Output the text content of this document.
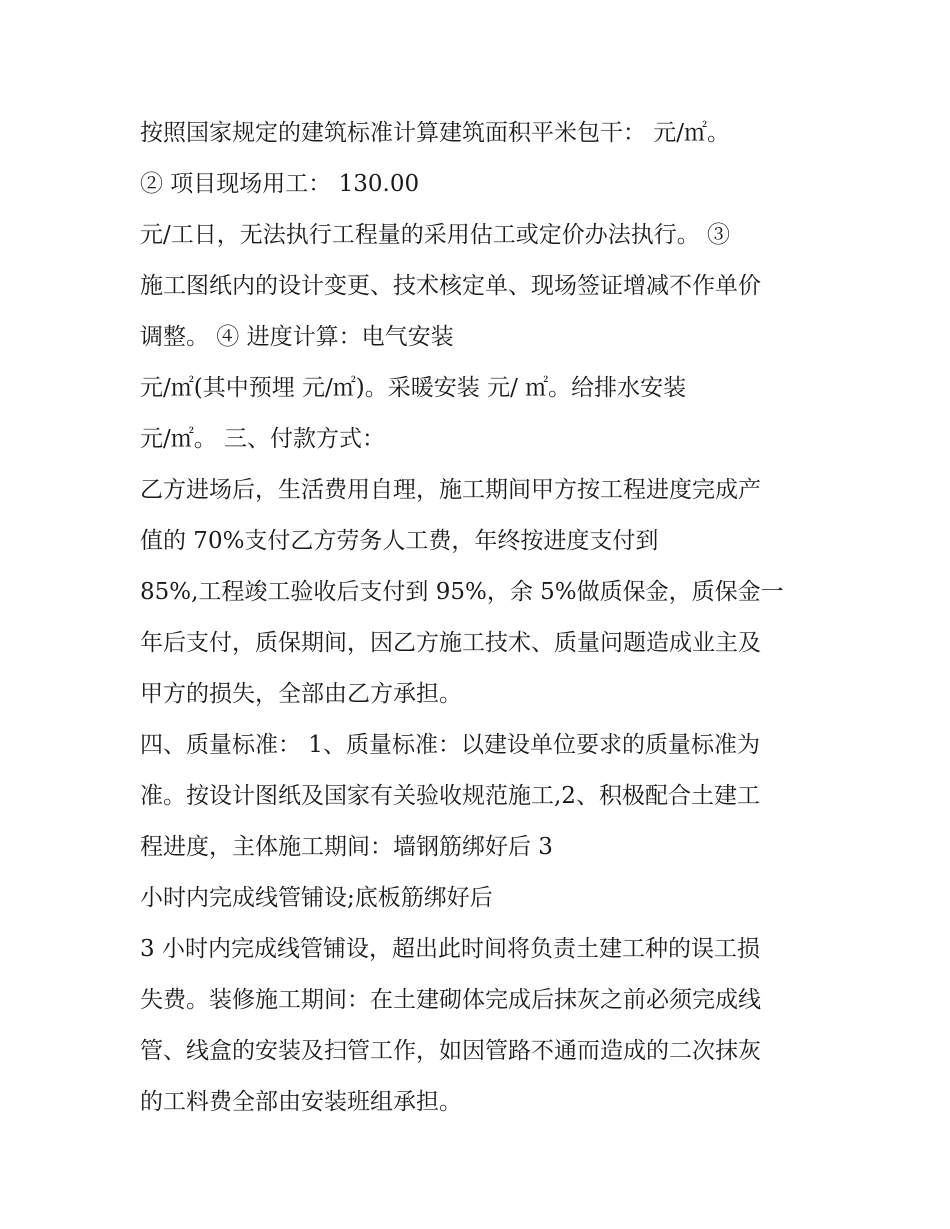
按照国家规定的建筑标准计算建筑面积平米包干： 元/㎡。
② 项目现场用工： 130.00
元/工日，无法执行工程量的采用估工或定价办法执行。 ③
施工图纸内的设计变更、技术核定单、现场签证增减不作单价
调整。 ④ 进度计算：电气安装
元/㎡(其中预埋 元/㎡)。采暖安装 元/ ㎡。给排水安装
元/㎡。 三、付款方式：
乙方进场后，生活费用自理，施工期间甲方按工程进度完成产
值的 70%支付乙方劳务人工费，年终按进度支付到
85%,工程竣工验收后支付到 95%，余 5%做质保金，质保金一
年后支付，质保期间，因乙方施工技术、质量问题造成业主及
甲方的损失，全部由乙方承担。
四、质量标准： 1、质量标准：以建设单位要求的质量标准为
准。按设计图纸及国家有关验收规范施工,2、积极配合土建工
程进度，主体施工期间：墙钢筋绑好后 3
小时内完成线管铺设;底板筋绑好后
3 小时内完成线管铺设，超出此时间将负责土建工种的误工损
失费。装修施工期间：在土建砌体完成后抹灰之前必须完成线
管、线盒的安装及扫管工作，如因管路不通而造成的二次抹灰
的工料费全部由安装班组承担。
